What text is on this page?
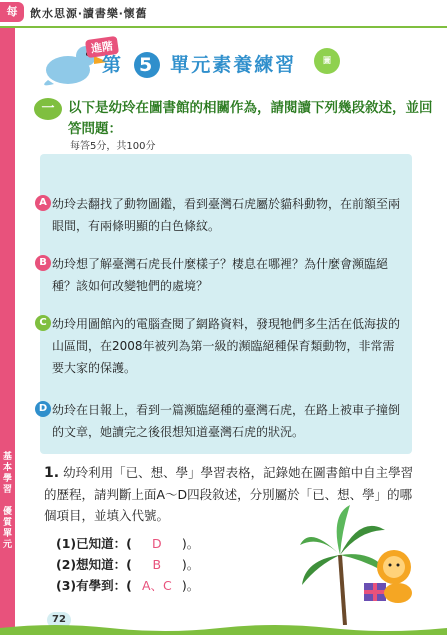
基
本
學
習

優
質
單
元
每	飲水思源‧讀書樂‧懷舊
進階
第 5 單元素養練習	圖
一	以下是幼玲在圖書館的相關作為，請閱讀下列幾段敘述，並回答問題：
每答5分，共100分
A 幼玲去翻找了動物圖鑑，看到臺灣石虎屬於貓科動物，在前額至兩眼間，有兩條明顯的白色條紋。

B 幼玲想了解臺灣石虎長什麼樣子？棲息在哪裡？為什麼會瀕臨絕種？該如何改變牠們的處境？

C 幼玲用圖館內的電腦查閱了網路資料，發現牠們多生活在低海拔的山區間，在2008年被列為第一級的瀕臨絕種保育類動物，非常需要大家的保護。

D 幼玲在日報上，看到一篇瀕臨絕種的臺灣石虎，在路上被車子撞倒的文章，她讀完之後很想知道臺灣石虎的狀況。

1. 幼玲利用「已、想、學」學習表格，記錄她在圖書館中自主學習的歷程，請判斷上面A～D四段敘述，分別屬於「已、想、學」的哪個項目，並填入代號。
(1)已知道：( D )。
(2)想知道：( B )。
(3)有學到：( A、C )。
72
